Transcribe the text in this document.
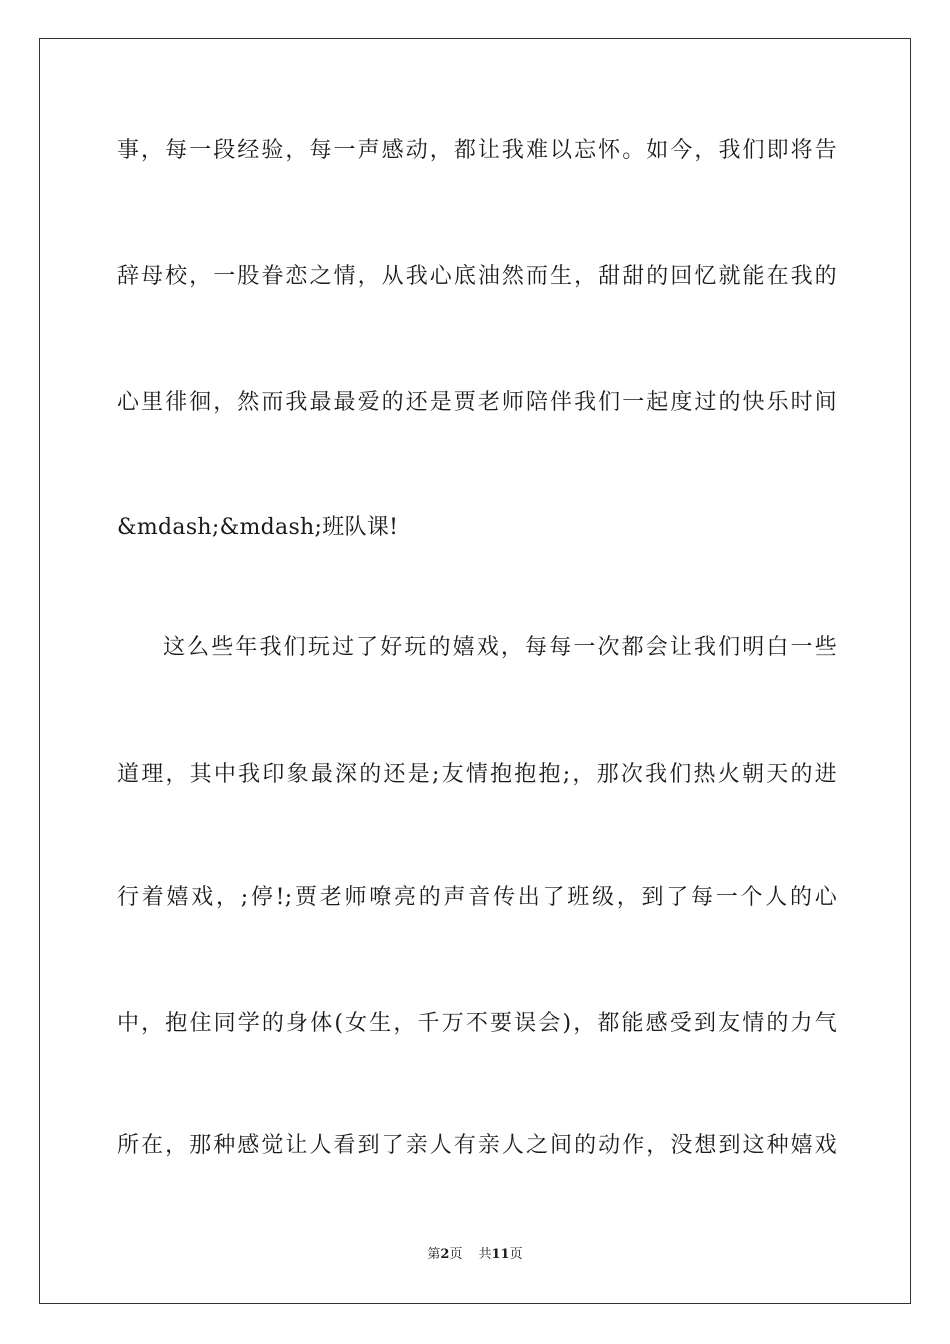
事，每一段经验，每一声感动，都让我难以忘怀。如今，我们即将告
辞母校，一股眷恋之情，从我心底油然而生，甜甜的回忆就能在我的
心里徘徊，然而我最最爱的还是贾老师陪伴我们一起度过的快乐时间
&mdash;&mdash;班队课!
这么些年我们玩过了好玩的嬉戏，每每一次都会让我们明白一些
道理，其中我印象最深的还是;友情抱抱抱;，那次我们热火朝天的进
行着嬉戏，;停!;贾老师嘹亮的声音传出了班级，到了每一个人的心
中，抱住同学的身体(女生，千万不要误会)，都能感受到友情的力气
所在，那种感觉让人看到了亲人有亲人之间的动作，没想到这种嬉戏
第2页 共11页
